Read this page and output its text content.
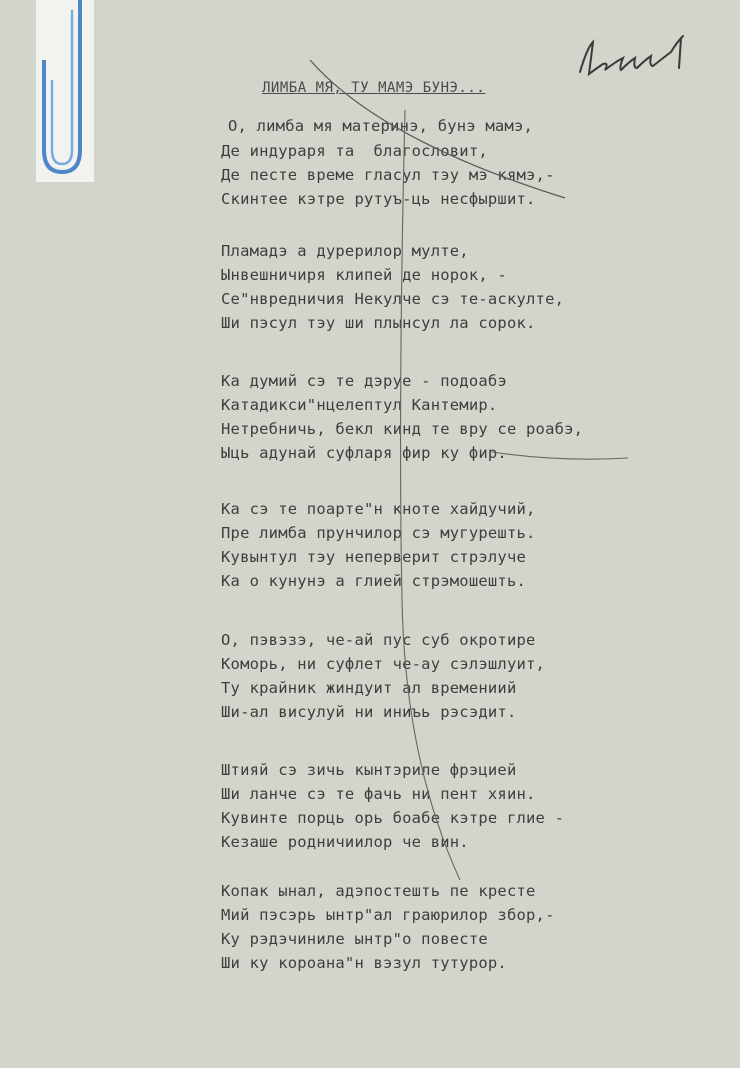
ЛИМБА МЯ, ТУ МАМЭ БУНЭ...
О, лимба мя материнэ, бунэ мамэ,
Де индураря та  благословит,
Де песте време гласул тэу мэ кямэ,-
Скинтее кэтре рутуъ-ць несфыршит.
Пламадэ а дурерилор мулте,
Ынвешничиря клипей де норок, -
Се"нвредничия Некулче сэ те-аскулте,
Ши пэсул тэу ши плынсул ла сорок.
Ка думий сэ те дэруе - подоабэ
Катадикси"нцелептул Кантемир.
Нетребничь, бекл кинд те вру се роабэ,
Ыць адунай суфларя фир ку фир.
Ка сэ те поарте"н кноте хайдучий,
Пре лимба прунчилор сэ мугурешть.
Кувынтул тэу неперверит стрэлуче
Ка о кунунэ а глией стрэмошешть.
О, пэвэзэ, че-ай пус суб окротире
Коморь, ни суфлет че-ау сэлэшлуит,
Ту крайник жиндуит ал времениий
Ши-ал висулуй ни иниъь рэсэдит.
Штияй сэ зичь кынтэриле фрэцией
Ши ланче сэ те фачь ни пент хяин.
Кувинте порць орь боабе кэтре глие -
Кезаше родничиилор че вин.
Копак ынал, адэпостешть пе кресте
Мий пэсэрь ынтр"ал граюрилор збор,-
Ку рэдэчиниле ынтр"о повесте
Ши ку короана"н вэзул тутурор.
